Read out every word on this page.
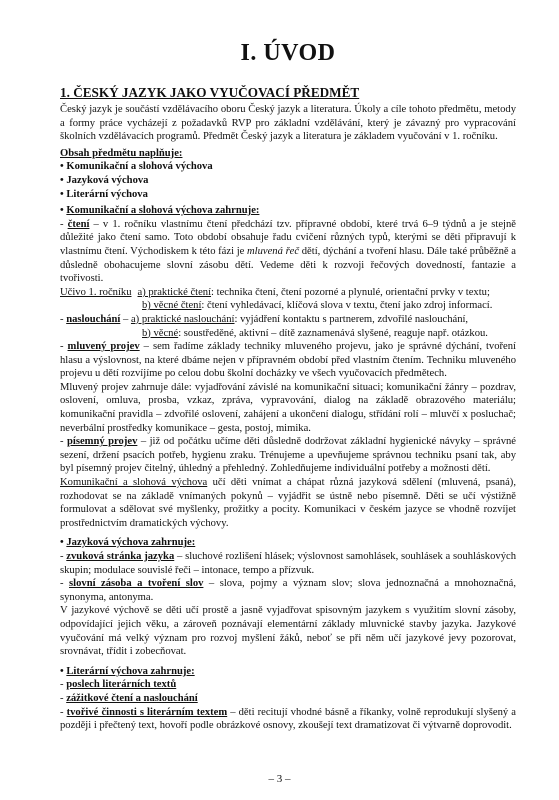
I. ÚVOD
1. ČESKÝ JAZYK JAKO VYUČOVACÍ PŘEDMĚT

Český jazyk je součástí vzdělávacího oboru Český jazyk a literatura. Úkoly a cíle tohoto předmětu, metody a formy práce vycházejí z požadavků RVP pro základní vzdělávání, který je závazný pro vypracování školních vzdělávacích programů. Předmět Český jazyk a literatura je základem vyučování v 1. ročníku.

Obsah předmětu naplňuje:

• Komunikační a slohová výchova

• Jazyková výchova

• Literární výchova

• Komunikační a slohová výchova zahrnuje:

- čtení – v 1. ročníku vlastnímu čtení předchází tzv. přípravné období, které trvá 6–9 týdnů a je stejně důležité jako čtení samo. Toto období obsahuje řadu cvičení různých typů, kterými se děti připravují k vlastnímu čtení. Východiskem k této fázi je mluvená řeč dětí, dýchání a tvoření hlasu. Dále také průběžně a důsledně obohacujeme slovní zásobu dětí. Vedeme děti k rozvoji řečových dovedností, fantazie a tvořivosti.

Učivo 1. ročníku a) praktické čtení: technika čtení, čtení pozorné a plynulé, orientační prvky v textu;

b) věcné čtení: čtení vyhledávací, klíčová slova v textu, čtení jako zdroj informací.

- naslouchání – a) praktické naslouchání: vyjádření kontaktu s partnerem, zdvořilé naslouchání,

b) věcné: soustředěné, aktivní – dítě zaznamenává slyšené, reaguje např. otázkou.

- mluvený projev – sem řadíme základy techniky mluveného projevu, jako je správné dýchání, tvoření hlasu a výslovnost, na které dbáme nejen v přípravném období před vlastním čtením. Techniku mluveného projevu u dětí rozvíjíme po celou dobu školní docházky ve všech vyučovacích předmětech.

Mluvený projev zahrnuje dále: vyjadřování závislé na komunikační situaci; komunikační žánry – pozdrav, oslovení, omluva, prosba, vzkaz, zpráva, vypravování, dialog na základě obrazového materiálu; komunikační pravidla – zdvořilé oslovení, zahájení a ukončení dialogu, střídání rolí – mluvčí x posluchač; neverbální prostředky komunikace – gesta, postoj, mimika.

- písemný projev – již od počátku učíme děti důsledně dodržovat základní hygienické návyky – správné sezení, držení psacích potřeb, hygienu zraku. Trénujeme a upevňujeme správnou techniku psaní tak, aby byl písemný projev čitelný, úhledný a přehledný. Zohledňujeme individuální potřeby a možnosti dětí.

Komunikační a slohová výchova učí děti vnímat a chápat různá jazyková sdělení (mluvená, psaná), rozhodovat se na základě vnímaných pokynů – vyjádřit se ústně nebo písemně. Děti se učí výstižně formulovat a sdělovat své myšlenky, prožitky a pocity. Komunikaci v českém jazyce se vhodně rozvíjet prostřednictvím dramatických výchovy.

• Jazyková výchova zahrnuje:

- zvuková stránka jazyka – sluchové rozlišení hlásek; výslovnost samohlásek, souhlásek a souhláskových skupin; modulace souvislé řeči – intonace, tempo a přízvuk.

- slovní zásoba a tvoření slov – slova, pojmy a význam slov; slova jednoznačná a mnohoznačná, synonyma, antonyma.

V jazykové výchově se děti učí prostě a jasně vyjadřovat spisovným jazykem s využitím slovní zásoby, odpovídající jejich věku, a zároveň poznávají elementární základy mluvnické stavby jazyka. Jazykové vyučování má velký význam pro rozvoj myšlení žáků, neboť se při něm učí jazykové jevy pozorovat, srovnávat, třídit i zobecňovat.

• Literární výchova zahrnuje:

- poslech literárních textů

- zážitkové čtení a naslouchání

- tvořivé činnosti s literárním textem – děti recitují vhodné básně a říkanky, volně reprodukují slyšený a později i přečtený text, hovoří podle obrázkové osnovy, zkoušejí text dramatizovat či výtvarně doprovodit.

– 3 –
